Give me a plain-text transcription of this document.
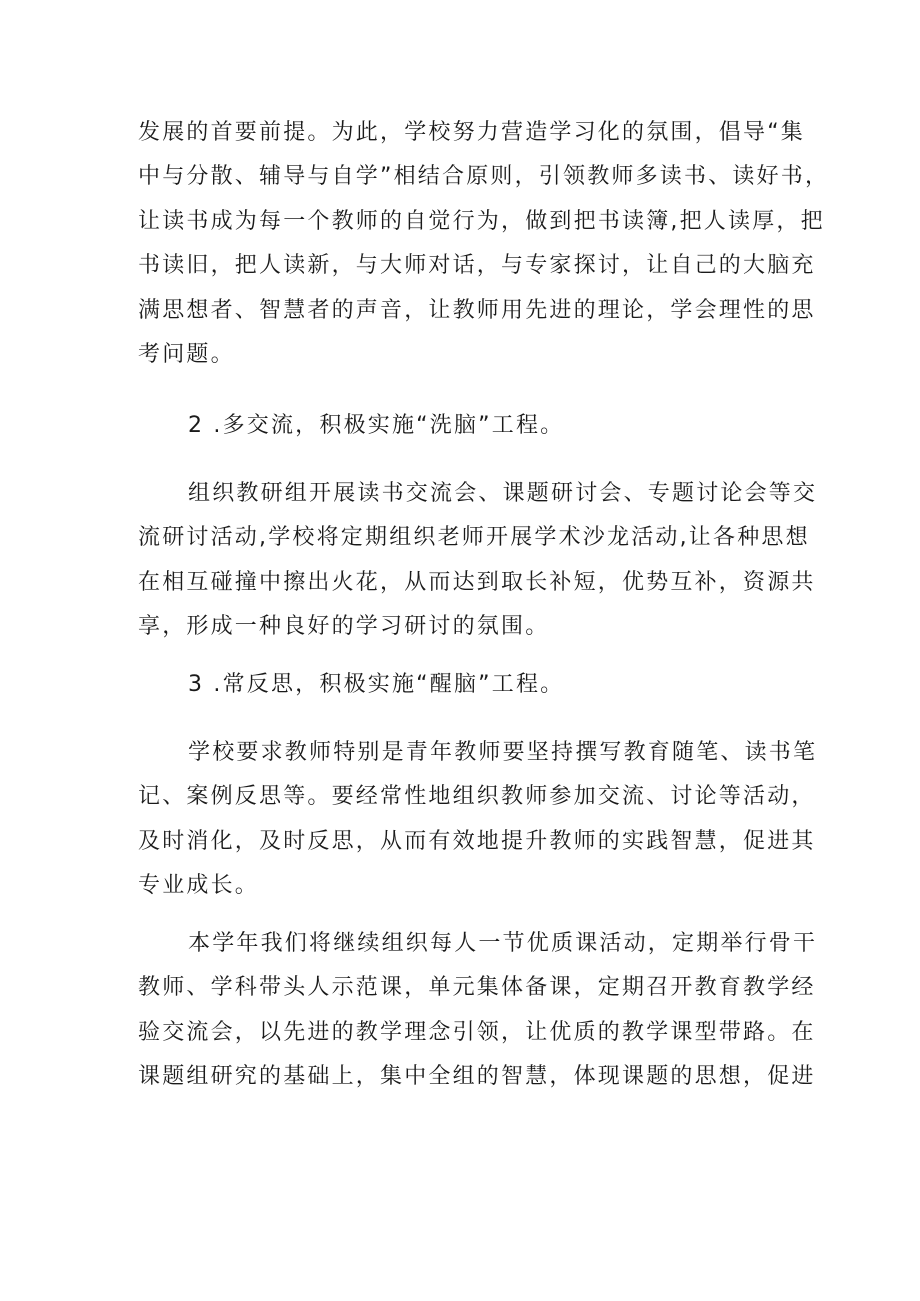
发展的首要前提。为此，学校努力营造学习化的氛围，倡导“集
中与分散、辅导与自学”相结合原则，引领教师多读书、读好书，
让读书成为每一个教师的自觉行为，做到把书读簿,把人读厚，把
书读旧，把人读新，与大师对话，与专家探讨，让自己的大脑充
满思想者、智慧者的声音，让教师用先进的理论，学会理性的思
考问题。
2 .多交流，积极实施“洗脑”工程。
组织教研组开展读书交流会、课题研讨会、专题讨论会等交
流研讨活动,学校将定期组织老师开展学术沙龙活动,让各种思想
在相互碰撞中擦出火花，从而达到取长补短，优势互补，资源共
享，形成一种良好的学习研讨的氛围。
3 .常反思，积极实施“醒脑”工程。
学校要求教师特别是青年教师要坚持撰写教育随笔、读书笔
记、案例反思等。要经常性地组织教师参加交流、讨论等活动，
及时消化，及时反思，从而有效地提升教师的实践智慧，促进其
专业成长。
本学年我们将继续组织每人一节优质课活动，定期举行骨干
教师、学科带头人示范课，单元集体备课，定期召开教育教学经
验交流会，以先进的教学理念引领，让优质的教学课型带路。在
课题组研究的基础上，集中全组的智慧，体现课题的思想，促进
